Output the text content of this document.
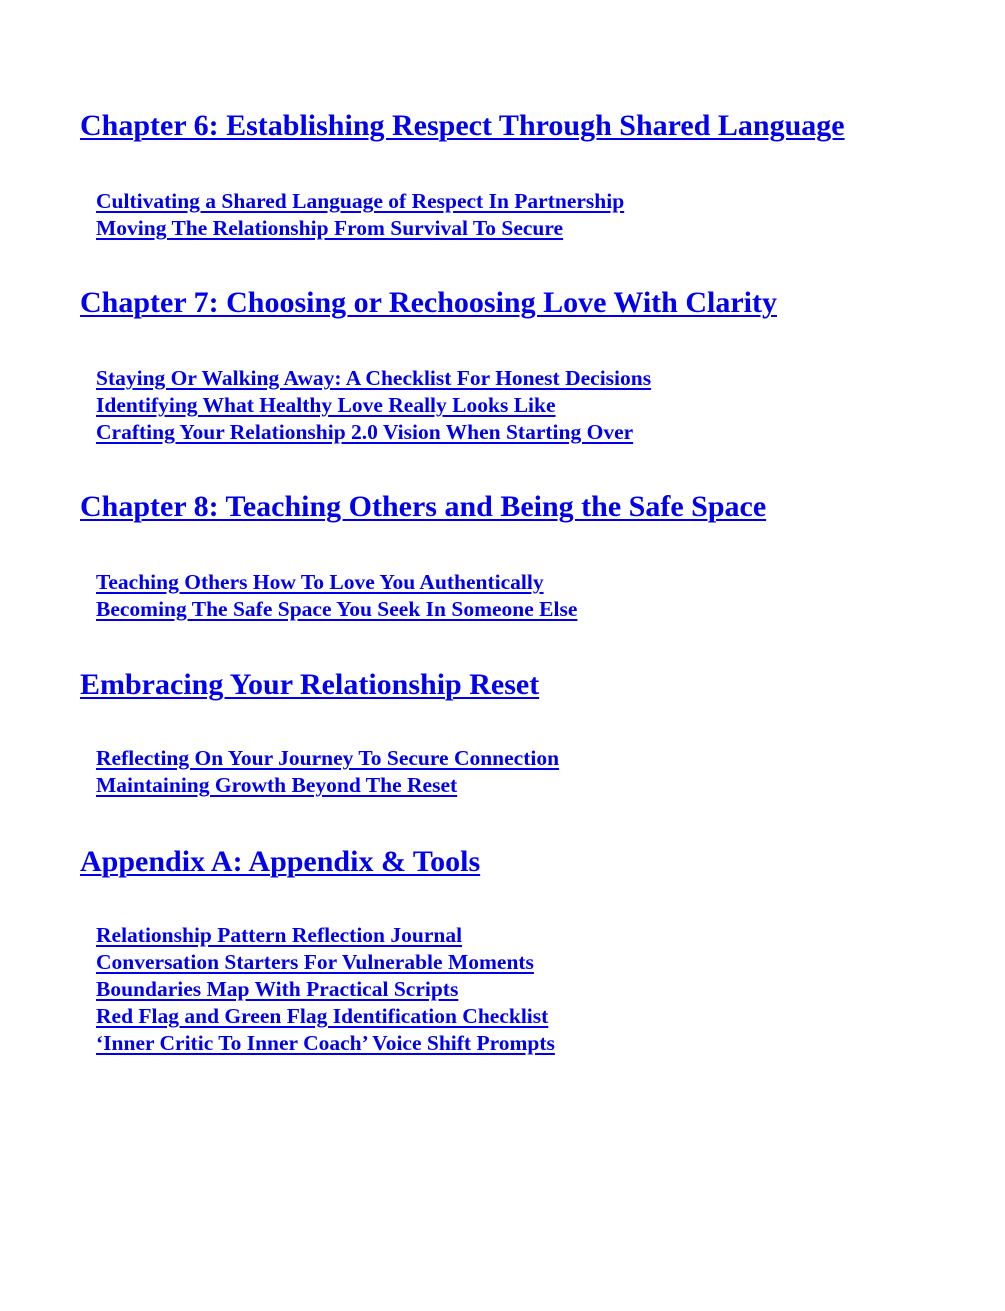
Chapter 6: Establishing Respect Through Shared Language
Cultivating a Shared Language of Respect In Partnership
Moving The Relationship From Survival To Secure
Chapter 7: Choosing or Rechoosing Love With Clarity
Staying Or Walking Away: A Checklist For Honest Decisions
Identifying What Healthy Love Really Looks Like
Crafting Your Relationship 2.0 Vision When Starting Over
Chapter 8: Teaching Others and Being the Safe Space
Teaching Others How To Love You Authentically
Becoming The Safe Space You Seek In Someone Else
Embracing Your Relationship Reset
Reflecting On Your Journey To Secure Connection
Maintaining Growth Beyond The Reset
Appendix A: Appendix & Tools
Relationship Pattern Reflection Journal
Conversation Starters For Vulnerable Moments
Boundaries Map With Practical Scripts
Red Flag and Green Flag Identification Checklist
‘Inner Critic To Inner Coach’ Voice Shift Prompts
